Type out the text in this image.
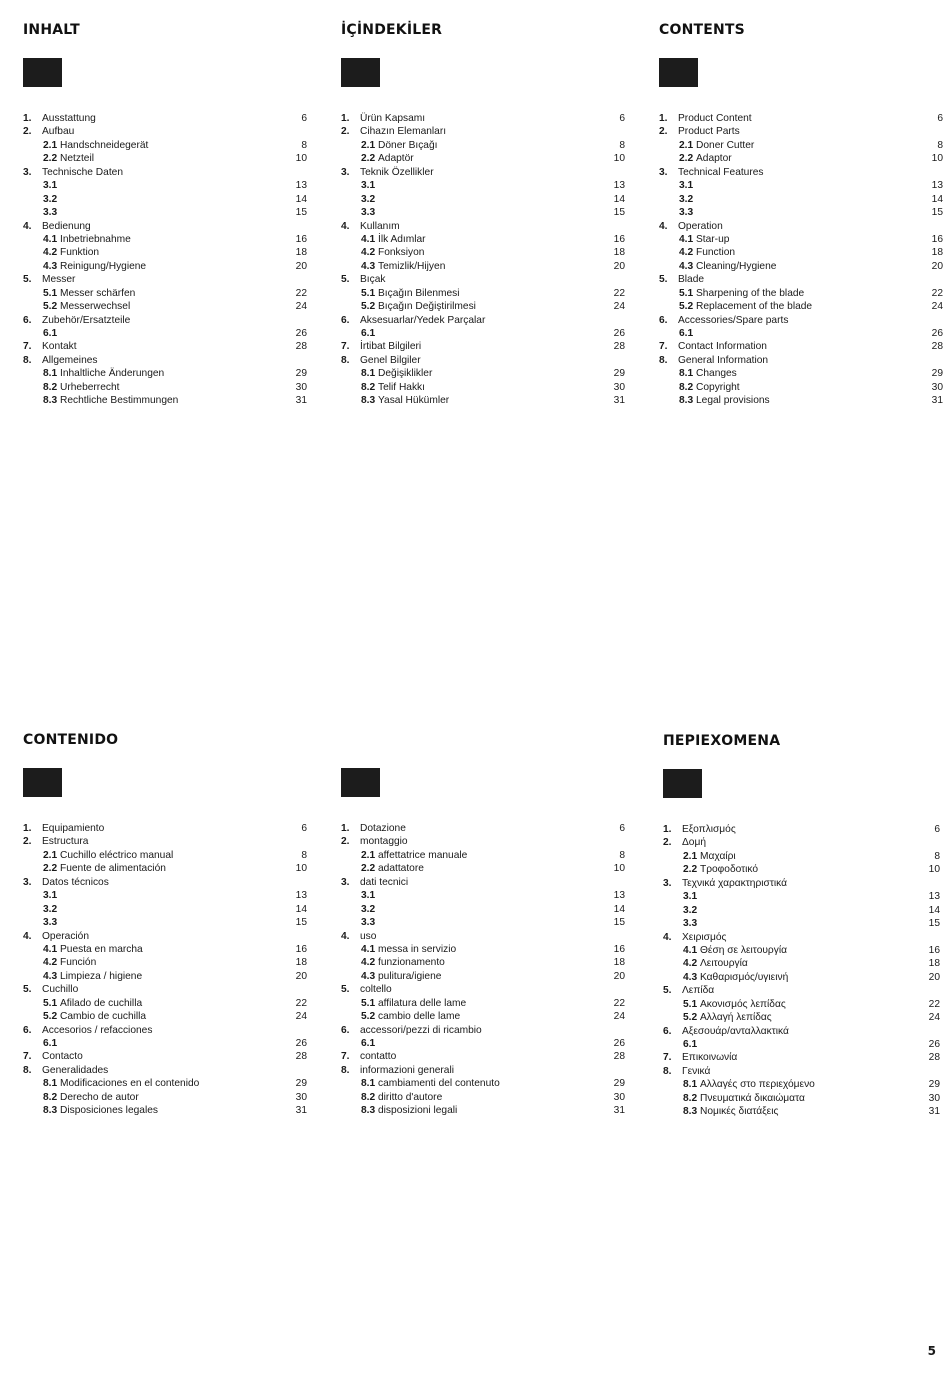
INHALT
1. Ausstattung	6
2. Aufbau
2.1 Handschneidegerät	8
2.2 Netzteil	10
3. Technische Daten
3.1	13
3.2	14
3.3	15
4. Bedienung
4.1 Inbetriebnahme	16
4.2 Funktion	18
4.3 Reinigung/Hygiene	20
5. Messer
5.1 Messer schärfen	22
5.2 Messerwechsel	24
6. Zubehör/Ersatzteile
6.1	26
7. Kontakt	28
8. Allgemeines
8.1 Inhaltliche Änderungen	29
8.2 Urheberrecht	30
8.3 Rechtliche Bestimmungen	31
İÇİNDEKİLER
1. Ürün Kapsamı	6
2. Cihazın Elemanları
2.1 Döner Bıçağı	8
2.2 Adaptör	10
3. Teknik Özellikler
3.1	13
3.2	14
3.3	15
4. Kullanım
4.1 İlk Adımlar	16
4.2 Fonksiyon	18
4.3 Temizlik/Hijyen	20
5. Bıçak
5.1 Bıçağın Bilenmesi	22
5.2 Bıçağın Değiştirilmesi	24
6. Aksesuarlar/Yedek Parçalar
6.1	26
7. İrtibat Bilgileri	28
8. Genel Bilgiler
8.1 Değişiklikler	29
8.2 Telif Hakkı	30
8.3 Yasal Hükümler	31
CONTENTS
1. Product Content	6
2. Product Parts
2.1 Doner Cutter	8
2.2 Adaptor	10
3. Technical Features
3.1	13
3.2	14
3.3	15
4. Operation
4.1 Star-up	16
4.2 Function	18
4.3 Cleaning/Hygiene	20
5. Blade
5.1 Sharpening of the blade	22
5.2 Replacement of the blade	24
6. Accessories/Spare parts
6.1	26
7. Contact Information	28
8. General Information
8.1 Changes	29
8.2 Copyright	30
8.3 Legal provisions	31
CONTENIDO
1. Equipamiento	6
2. Estructura
2.1 Cuchillo eléctrico manual	8
2.2 Fuente de alimentación	10
3. Datos técnicos
3.1	13
3.2	14
3.3	15
4. Operación
4.1 Puesta en marcha	16
4.2 Función	18
4.3 Limpieza / higiene	20
5. Cuchillo
5.1 Afilado de cuchilla	22
5.2 Cambio de cuchilla	24
6. Accesorios / refacciones
6.1	26
7. Contacto	28
8. Generalidades
8.1 Modificaciones en el contenido	29
8.2 Derecho de autor	30
8.3 Disposiciones legales	31
1. Dotazione	6
2. montaggio
2.1 affettatrice manuale	8
2.2 adattatore	10
3. dati tecnici
3.1	13
3.2	14
3.3	15
4. uso
4.1 messa in servizio	16
4.2 funzionamento	18
4.3 pulitura/igiene	20
5. coltello
5.1 affilatura delle lame	22
5.2 cambio delle lame	24
6. accessori/pezzi di ricambio
6.1	26
7. contatto	28
8. informazioni generali
8.1 cambiamenti del contenuto	29
8.2 diritto d'autore	30
8.3 disposizioni legali	31
ΠΕΡΙΕΧΟΜΕΝΑ
1. Εξοπλισμός	6
2. Δομή
2.1 Μαχαίρι	8
2.2 Τροφοδοτικό	10
3. Τεχνικά χαρακτηριστικά
3.1	13
3.2	14
3.3	15
4. Χειρισμός
4.1 Θέση σε λειτουργία	16
4.2 Λειτουργία	18
4.3 Καθαρισμός/υγιεινή	20
5. Λεπίδα
5.1 Ακονισμός λεπίδας	22
5.2 Αλλαγή λεπίδας	24
6. Αξεσουάρ/ανταλλακτικά
6.1	26
7. Επικοινωνία	28
8. Γενικά
8.1 Αλλαγές στο περιεχόμενο	29
8.2 Πνευματικά δικαιώματα	30
8.3 Νομικές διατάξεις	31
5
